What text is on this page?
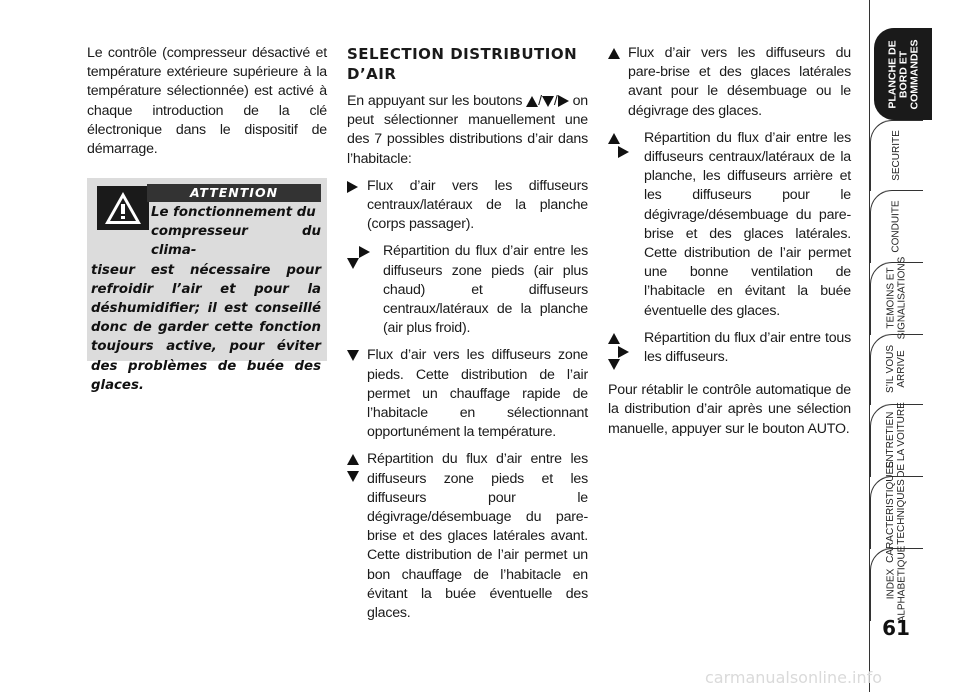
Le contrôle (compresseur désactivé et température extérieure supérieure à la température sélectionnée) est activé à chaque introduction de la clé électronique dans le dispositif de démarrage.

ATTENTION
Le fonctionnement du
compresseur du clima-
tiseur est nécessaire pour refroidir l’air et pour la déshumidifier; il est conseillé donc de garder cette fonction toujours active, pour éviter des problèmes de buée des glaces.
SELECTION DISTRIBUTION D’AIR

En appuyant sur les boutons / / on peut sélectionner manuellement une des 7 possibles distributions d’air dans l’habitacle:

Flux d’air vers les diffuseurs centraux/latéraux de la planche (corps passager).
Répartition du flux d’air entre les diffuseurs zone pieds (air plus chaud) et diffuseurs centraux/latéraux de la planche (air plus froid).
Flux d’air vers les diffuseurs zone pieds. Cette distribution de l’air permet un chauffage rapide de l’habitacle en sélectionnant opportunément la température.
Répartition du flux d’air entre les diffuseurs zone pieds et les diffuseurs pour le dégivrage/désembuage du pare-brise et des glaces latérales avant. Cette distribution de l’air permet un bon chauffage de l’habitacle en évitant la buée éventuelle des glaces.
Flux d’air vers les diffuseurs du pare-brise et des glaces latérales avant pour le désembuage ou le dégivrage des glaces.
Répartition du flux d’air entre les diffuseurs centraux/latéraux de la planche, les diffuseurs arrière et les diffuseurs pour le dégivrage/désembuage du pare-brise et des glaces latérales. Cette distribution de l’air permet une bonne ventilation de l’habitacle en évitant la buée éventuelle des glaces.
Répartition du flux d’air entre tous les diffuseurs.

Pour rétablir le contrôle automatique de la distribution d’air après une sélection manuelle, appuyer sur le bouton AUTO.

PLANCHE DE
BORD ET
COMMANDES
SECURITE
CONDUITE
TEMOINS ET
SIGNALISATIONS
S’IL VOUS
ARRIVE
ENTRETIEN
DE LA VOITURE
CARACTERISTIQUES
TECHNIQUES
INDEX
ALPHABETIQUE
61
carmanualsonline.info
